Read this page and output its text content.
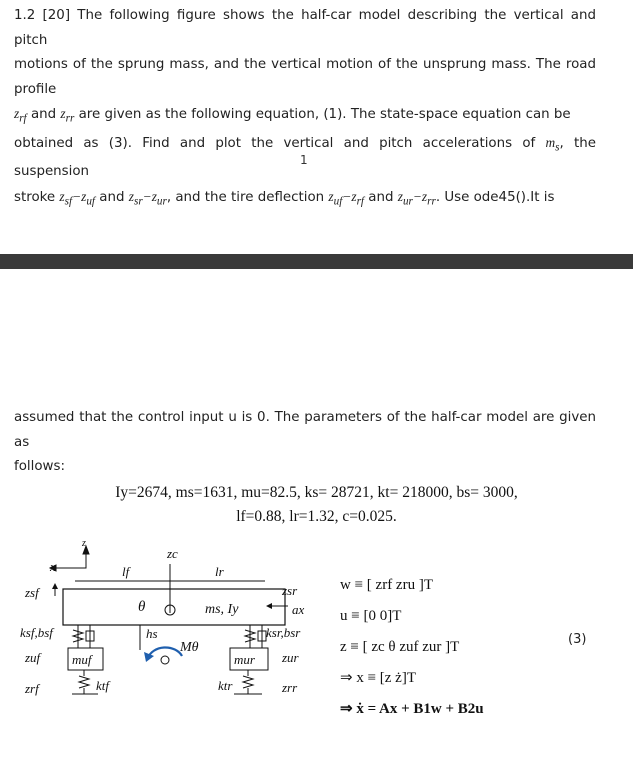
1.2 [20] The following figure shows the half-car model describing the vertical and pitch
motions of the sprung mass, and the vertical motion of the unsprung mass. The road profile
$z_{rf}$ and $z_{rr}$ are given as the following equation, (1). The state-space equation can be
obtained as (3). Find and plot the vertical and pitch accelerations of $m_s$, the suspension
stroke $z_{sf}-z_{uf}$ and $z_{sr}-z_{ur}$, and the tire deflection $z_{uf}-z_{rf}$ and $z_{ur}-z_{rr}$. Use ode45().It is
1
assumed that the control input u is 0. The parameters of the half-car model are given as
follows:
Iy=2674, ms=1631, mu=82.5, ks= 28721, kt= 218000, bs= 3000,
lf=0.88, lr=1.32, c=0.025.
x
z
lf
zc
lr
zsf	zsr
θ	ms, Iy	ax
ksf,bsf	hs	ksr,bsr
Mθ
muf
zuf	mur zur
zrf	ktf	ktr	zrr
w ≡ [ zrf zru ]T
u ≡ [0 0]T
z ≡ [ zc θ zuf zur ]T
⇒ x ≡ [z ż]T
⇒ ẋ = Ax + B1w + B2u
(3)
